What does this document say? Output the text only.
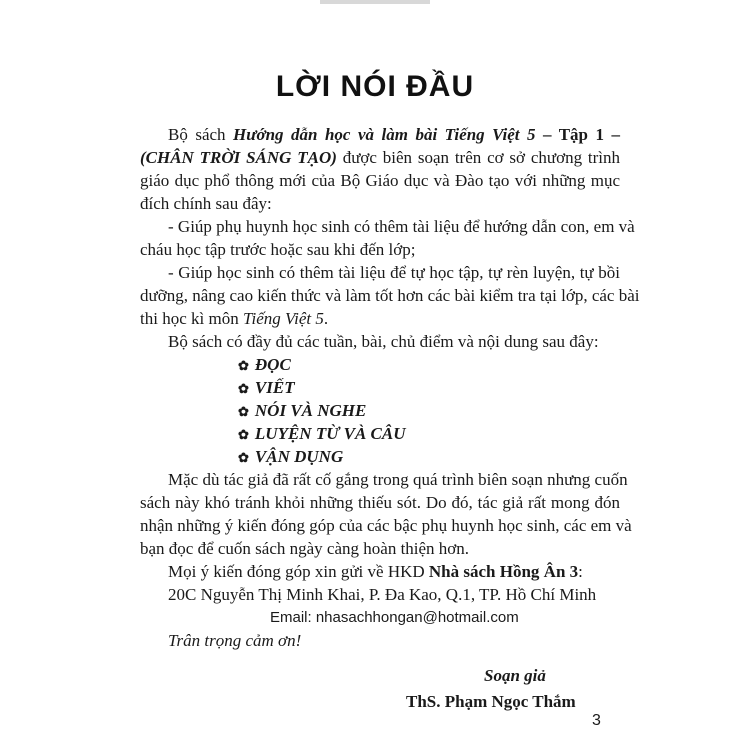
LỜI NÓI ĐẦU
Bộ sách Hướng dẫn học và làm bài Tiếng Việt 5 – Tập 1 –
(CHÂN TRỜI SÁNG TẠO) được biên soạn trên cơ sở chương trình
giáo dục phổ thông mới của Bộ Giáo dục và Đào tạo với những mục
đích chính sau đây:
- Giúp phụ huynh học sinh có thêm tài liệu để hướng dẫn con, em và
cháu học tập trước hoặc sau khi đến lớp;
- Giúp học sinh có thêm tài liệu để tự học tập, tự rèn luyện, tự bồi
dưỡng, nâng cao kiến thức và làm tốt hơn các bài kiểm tra tại lớp, các bài
thi học kì môn Tiếng Việt 5.
Bộ sách có đầy đủ các tuần, bài, chủ điểm và nội dung sau đây:
✿ ĐỌC
✿ VIẾT
✿ NÓI VÀ NGHE
✿ LUYỆN TỪ VÀ CÂU
✿ VẬN DỤNG
Mặc dù tác giả đã rất cố gắng trong quá trình biên soạn nhưng cuốn
sách này khó tránh khỏi những thiếu sót. Do đó, tác giả rất mong đón
nhận những ý kiến đóng góp của các bậc phụ huynh học sinh, các em và
bạn đọc để cuốn sách ngày càng hoàn thiện hơn.
Mọi ý kiến đóng góp xin gửi về HKD Nhà sách Hồng Ân 3:
20C Nguyễn Thị Minh Khai, P. Đa Kao, Q.1, TP. Hồ Chí Minh
Email: nhasachhongan@hotmail.com
Trân trọng cảm ơn!
Soạn giả
ThS. Phạm Ngọc Thắm
3
